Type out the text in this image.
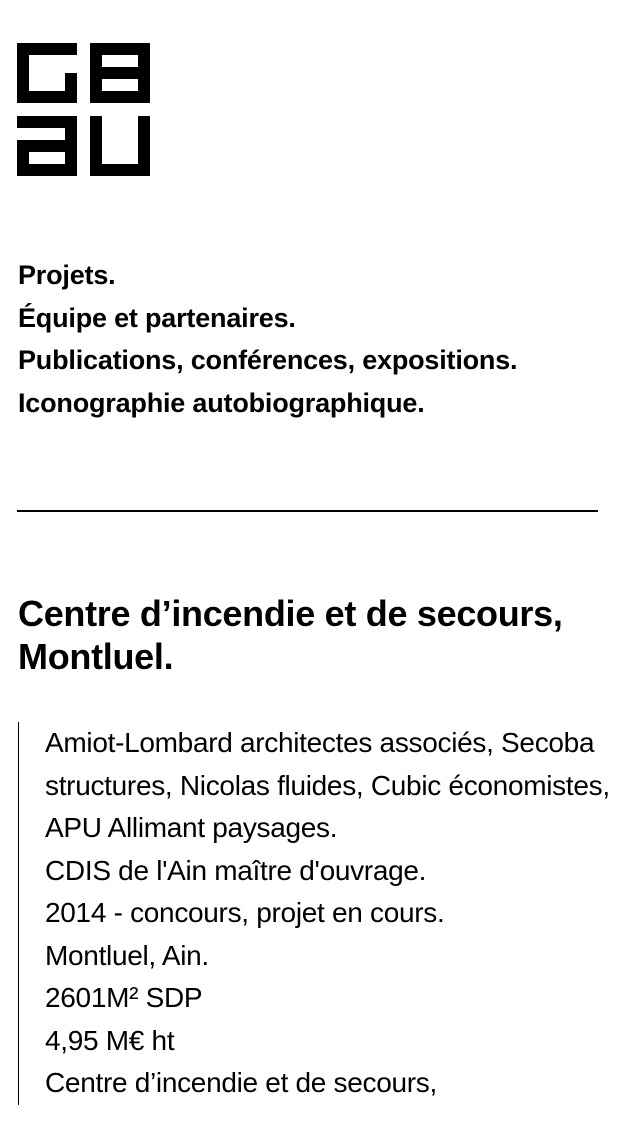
Projets.
Équipe et partenaires.
Publications, conférences, expositions.
Iconographie autobiographique.
Centre d’incendie et de secours, Montluel.
Amiot-Lombard architectes associés, Secoba structures, Nicolas fluides, Cubic économistes, APU Allimant paysages.
CDIS de l'Ain maître d'ouvrage.
2014 - concours, projet en cours.
Montluel, Ain.
2601M² SDP
4,95 M€ ht
Centre d’incendie et de secours,
